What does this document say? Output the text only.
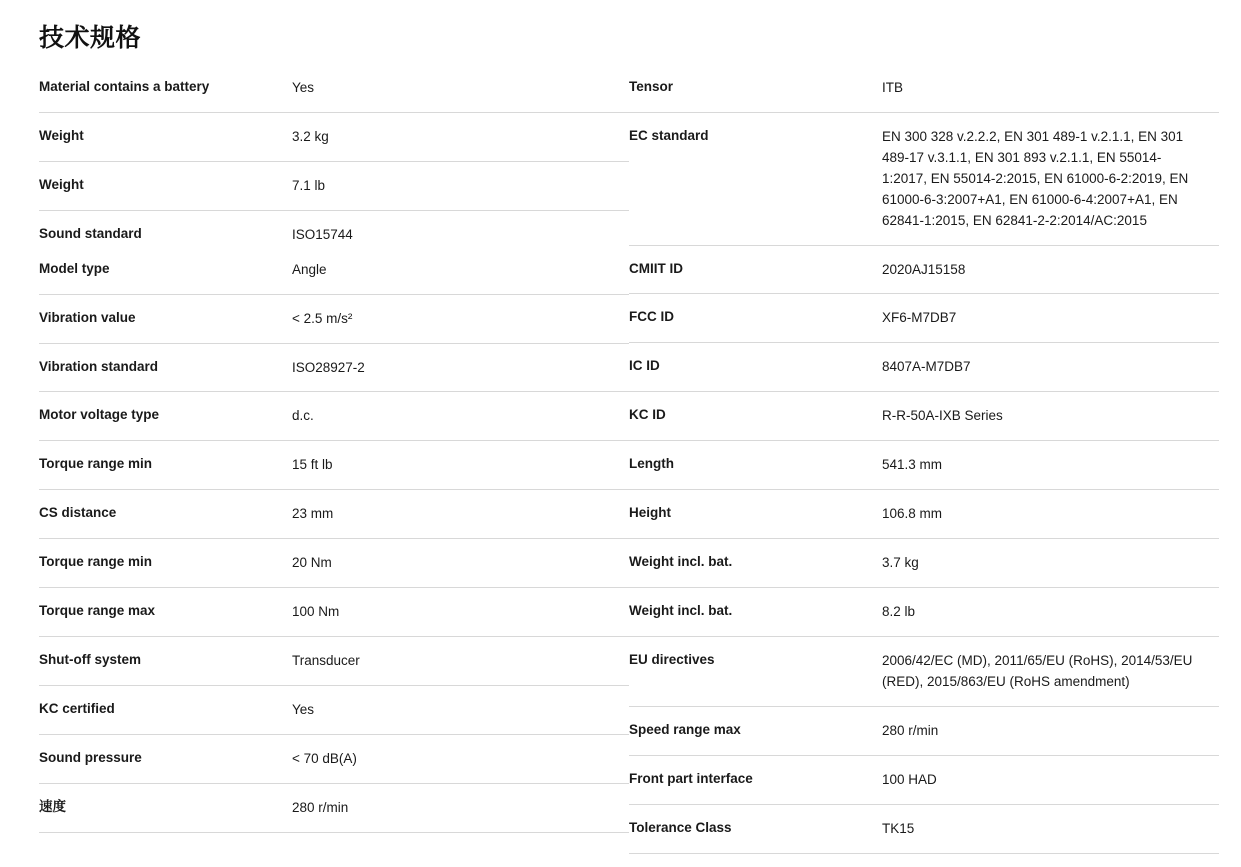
技术规格
Material contains a battery	Yes
Weight	3.2 kg
Weight	7.1 lb
Sound standard	ISO15744
Model type	Angle
Vibration value	< 2.5 m/s²
Vibration standard	ISO28927-2
Motor voltage type	d.c.
Torque range min	15 ft lb
CS distance	23 mm
Torque range min	20 Nm
Torque range max	100 Nm
Shut-off system	Transducer
KC certified	Yes
Sound pressure	< 70 dB(A)
速度	280 r/min
Tensor	ITB
EC standard	EN 300 328 v.2.2.2, EN 301 489-1 v.2.1.1, EN 301 489-17 v.3.1.1, EN 301 893 v.2.1.1, EN 55014-1:2017, EN 55014-2:2015, EN 61000-6-2:2019, EN 61000-6-3:2007+A1, EN 61000-6-4:2007+A1, EN 62841-1:2015, EN 62841-2-2:2014/AC:2015
CMIIT ID	2020AJ15158
FCC ID	XF6-M7DB7
IC ID	8407A-M7DB7
KC ID	R-R-50A-IXB Series
Length	541.3 mm
Height	106.8 mm
Weight incl. bat.	3.7 kg
Weight incl. bat.	8.2 lb
EU directives	2006/42/EC (MD), 2011/65/EU (RoHS), 2014/53/EU (RED), 2015/863/EU (RoHS amendment)
Speed range max	280 r/min
Front part interface	100 HAD
Tolerance Class	TK15
